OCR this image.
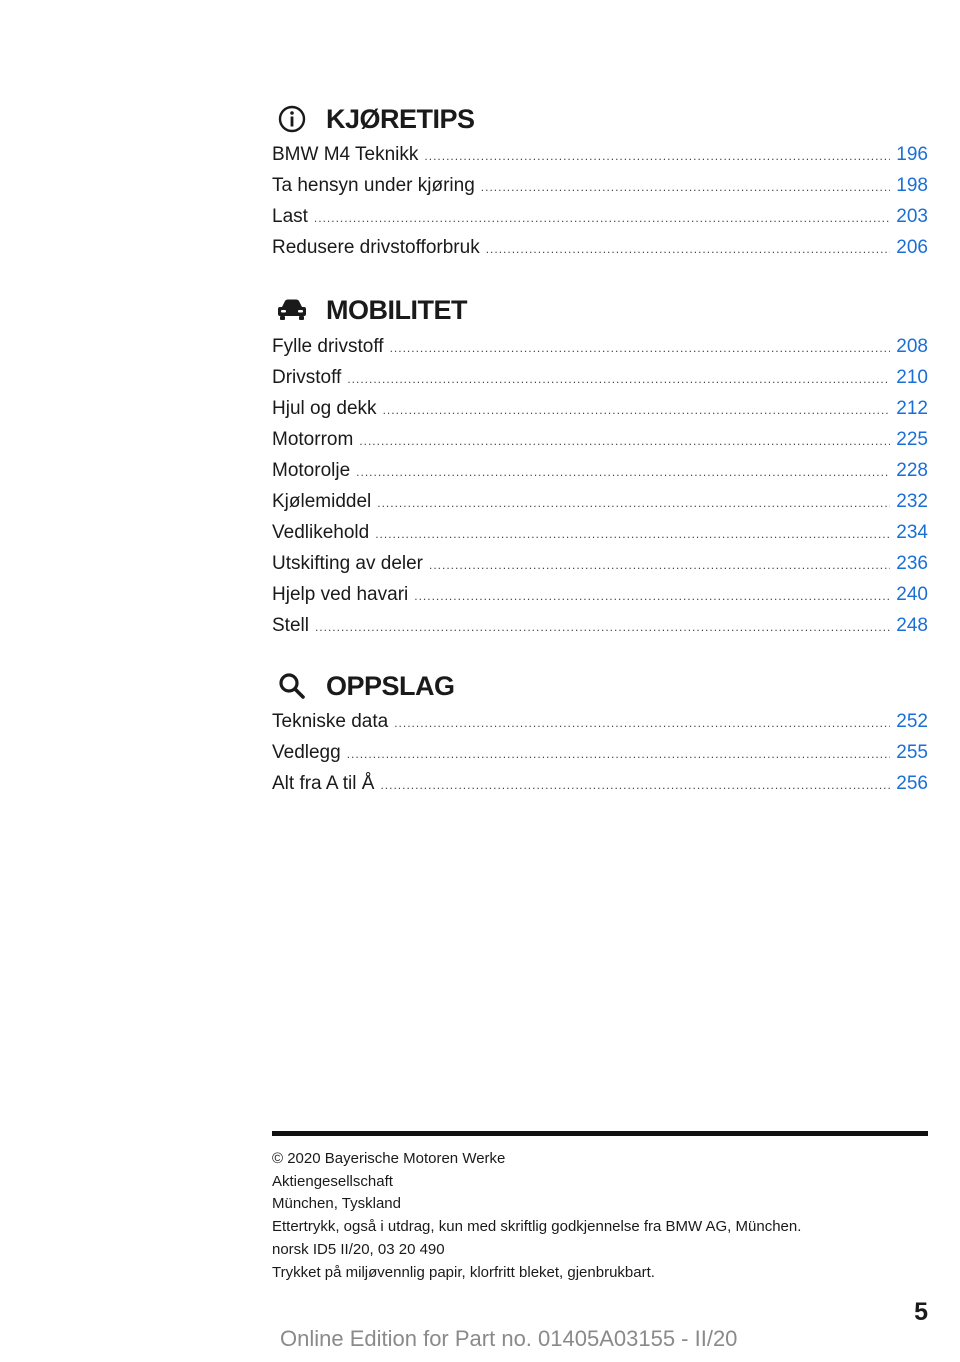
KJØRETIPS
BMW M4 Teknikk .....	196
Ta hensyn under kjøring .....	198
Last .....	203
Redusere drivstofforbruk .....	206
MOBILITET
Fylle drivstoff .....	208
Drivstoff .....	210
Hjul og dekk .....	212
Motorrom .....	225
Motorolje .....	228
Kjølemiddel .....	232
Vedlikehold .....	234
Utskifting av deler .....	236
Hjelp ved havari .....	240
Stell .....	248
OPPSLAG
Tekniske data .....	252
Vedlegg .....	255
Alt fra A til Å .....	256
© 2020 Bayerische Motoren Werke
Aktiengesellschaft
München, Tyskland
Ettertrykk, også i utdrag, kun med skriftlig godkjennelse fra BMW AG, München.
norsk ID5 II/20, 03 20 490
Trykket på miljøvennlig papir, klorfritt bleket, gjenbrukbart.
5
Online Edition for Part no. 01405A03155 - II/20
